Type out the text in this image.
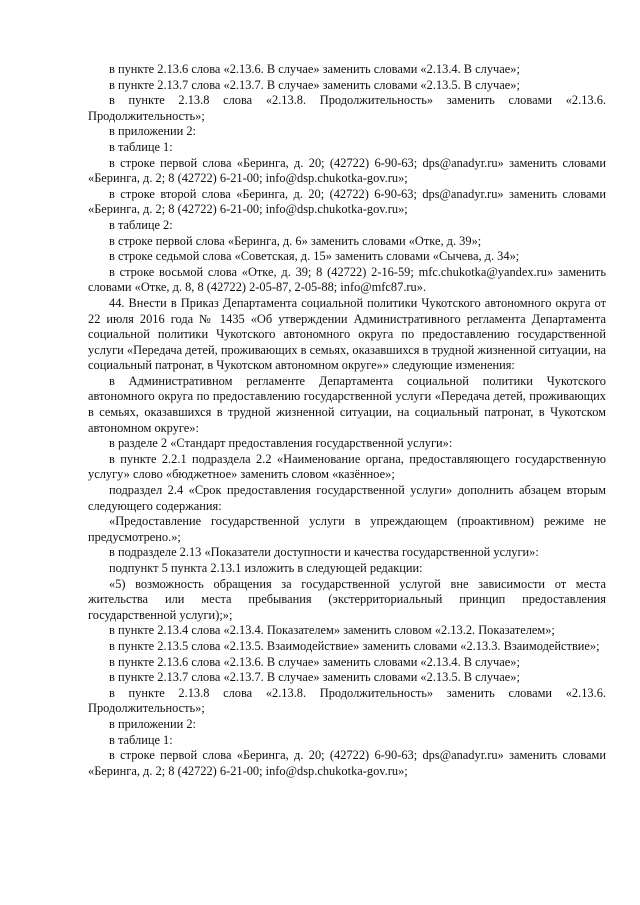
в пункте 2.13.6 слова «2.13.6. В случае» заменить словами «2.13.4. В случае»;

в пункте 2.13.7 слова «2.13.7. В случае» заменить словами «2.13.5. В случае»;

в пункте 2.13.8 слова «2.13.8. Продолжительность» заменить словами «2.13.6. Продолжительность»;

в приложении 2:

в таблице 1:

в строке первой слова «Беринга, д. 20; (42722) 6-90-63; dps@anadyr.ru» заменить словами «Беринга, д. 2; 8 (42722) 6-21-00; info@dsp.chukotka-gov.ru»;

в строке второй слова «Беринга, д. 20; (42722) 6-90-63; dps@anadyr.ru» заменить словами «Беринга, д. 2; 8 (42722) 6-21-00; info@dsp.chukotka-gov.ru»;

в таблице 2:

в строке первой слова «Беринга, д. 6» заменить словами «Отке, д. 39»;

в строке седьмой слова «Советская, д. 15» заменить словами «Сычева, д. 34»;

в строке восьмой слова «Отке, д. 39; 8 (42722) 2-16-59; mfc.chukotka@yandex.ru» заменить словами «Отке, д. 8, 8 (42722) 2-05-87, 2-05-88; info@mfc87.ru».

44. Внести в Приказ Департамента социальной политики Чукотского автономного округа от 22 июля 2016 года № 1435 «Об утверждении Административного регламента Департамента социальной политики Чукотского автономного округа по предоставлению государственной услуги «Передача детей, проживающих в семьях, оказавшихся в трудной жизненной ситуации, на социальный патронат, в Чукотском автономном округе»» следующие изменения:

в Административном регламенте Департамента социальной политики Чукотского автономного округа по предоставлению государственной услуги «Передача детей, проживающих в семьях, оказавшихся в трудной жизненной ситуации, на социальный патронат, в Чукотском автономном округе»:

в разделе 2 «Стандарт предоставления государственной услуги»:

в пункте 2.2.1 подраздела 2.2 «Наименование органа, предоставляющего государственную услугу» слово «бюджетное» заменить словом «казённое»;

подраздел 2.4 «Срок предоставления государственной услуги» дополнить абзацем вторым следующего содержания:

«Предоставление государственной услуги в упреждающем (проактивном) режиме не предусмотрено.»;

в подразделе 2.13 «Показатели доступности и качества государственной услуги»:

подпункт 5 пункта 2.13.1 изложить в следующей редакции:

«5) возможность обращения за государственной услугой вне зависимости от места жительства или места пребывания (экстерриториальный принцип предоставления государственной услуги);»;

в пункте 2.13.4 слова «2.13.4. Показателем» заменить словом «2.13.2. Показателем»;

в пункте 2.13.5 слова «2.13.5. Взаимодействие» заменить словами «2.13.3. Взаимодействие»;

в пункте 2.13.6 слова «2.13.6. В случае» заменить словами «2.13.4. В случае»;

в пункте 2.13.7 слова «2.13.7. В случае» заменить словами «2.13.5. В случае»;

в пункте 2.13.8 слова «2.13.8. Продолжительность» заменить словами «2.13.6. Продолжительность»;

в приложении 2:

в таблице 1:

в строке первой слова «Беринга, д. 20; (42722) 6-90-63; dps@anadyr.ru» заменить словами «Беринга, д. 2; 8 (42722) 6-21-00; info@dsp.chukotka-gov.ru»;
